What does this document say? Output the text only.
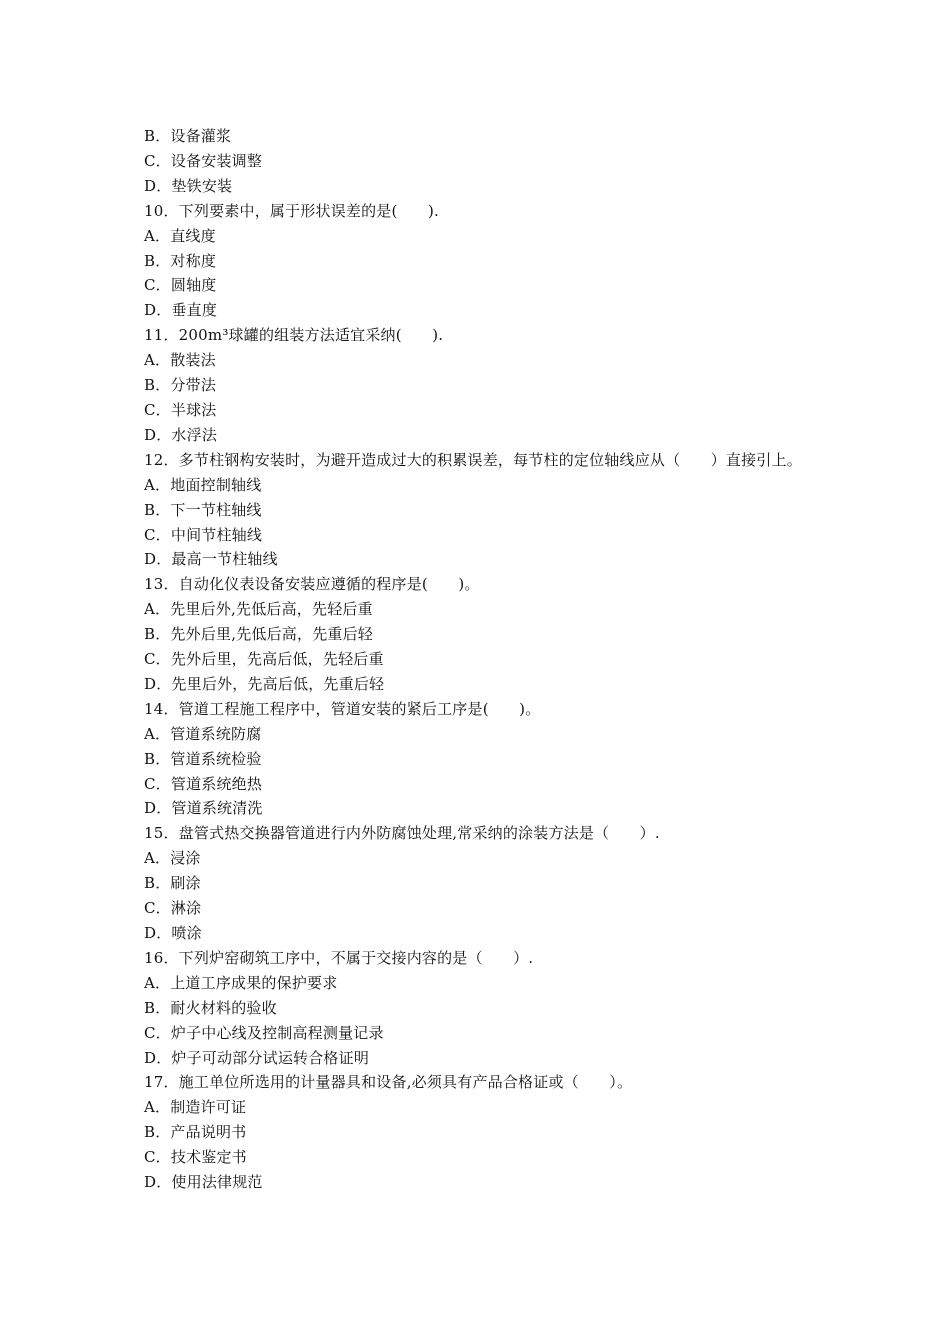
B．设备灌浆

C．设备安装调整

D．垫铁安装

10．下列要素中，属于形状误差的是(　　).

A．直线度

B．对称度

C．圆轴度

D．垂直度

11．200m³球罐的组装方法适宜采纳(　　).

A．散装法

B．分带法

C．半球法

D．水浮法

12．多节柱钢构安装时，为避开造成过大的积累误差，每节柱的定位轴线应从（　　）直接引上。

A．地面控制轴线

B．下一节柱轴线

C．中间节柱轴线

D．最高一节柱轴线

13．自动化仪表设备安装应遵循的程序是(　　)。

A．先里后外,先低后高，先轻后重

B．先外后里,先低后高，先重后轻

C．先外后里，先高后低，先轻后重

D．先里后外，先高后低，先重后轻

14．管道工程施工程序中，管道安装的紧后工序是(　　)。

A．管道系统防腐

B．管道系统检验

C．管道系统绝热

D．管道系统清洗

15．盘管式热交换器管道进行内外防腐蚀处理,常采纳的涂装方法是（　　）.

A．浸涂

B．刷涂

C．淋涂

D．喷涂

16．下列炉窑砌筑工序中，不属于交接内容的是（　　）.

A．上道工序成果的保护要求

B．耐火材料的验收

C．炉子中心线及控制高程测量记录

D．炉子可动部分试运转合格证明

17．施工单位所选用的计量器具和设备,必须具有产品合格证或（　　）。

A．制造许可证

B．产品说明书

C．技术鉴定书

D．使用法律规范
